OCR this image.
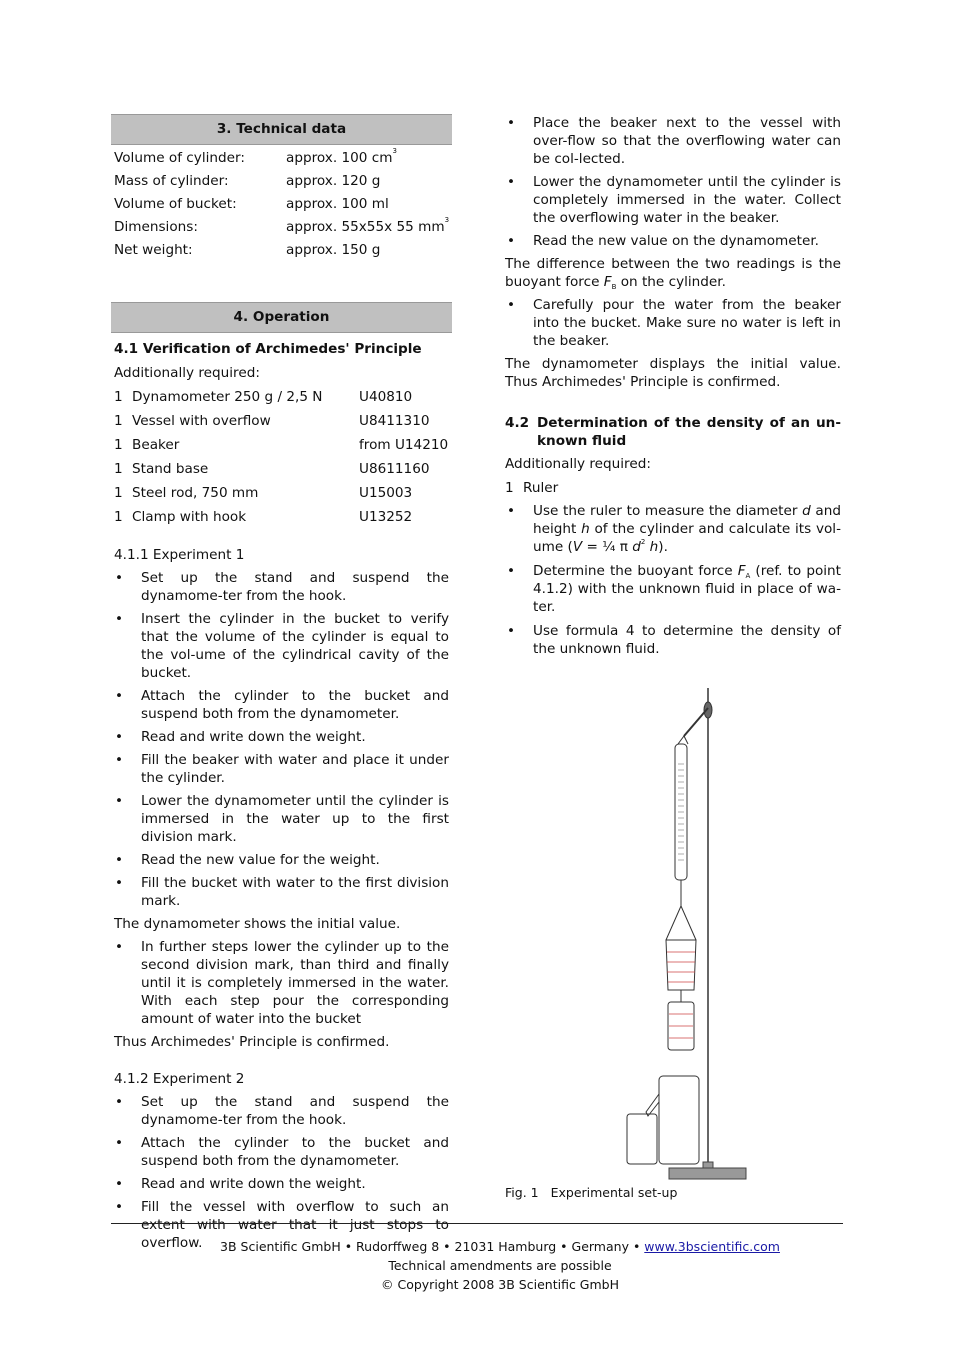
3. Technical data
Volume of cylinder:	approx. 100 $cm^3$
Mass of cylinder:	approx. 120 g
Volume of bucket:	approx. 100 ml
Dimensions:	approx. 55x55x 55 $mm^3$
Net weight:	approx. 150 g
4. Operation
4.1 Verification of Archimedes' Principle
Additionally required:
1 Dynamometer 250 g / 2,5 N	U40810
1 Vessel with overflow	U8411310
1 Beaker	from U14210
1 Stand base	U8611160
1 Steel rod, 750 mm	U15003
1 Clamp with hook	U13252
4.1.1 Experiment 1
• Set up the stand and suspend the dynamome-ter from the hook.
• Insert the cylinder in the bucket to verify that the volume of the cylinder is equal to the vol-ume of the cylindrical cavity of the bucket.
• Attach the cylinder to the bucket and suspend both from the dynamometer.
• Read and write down the weight.
• Fill the beaker with water and place it under the cylinder.
• Lower the dynamometer until the cylinder is immersed in the water up to the first division mark.
• Read the new value for the weight.
• Fill the bucket with water to the first division mark.
The dynamometer shows the initial value.
• In further steps lower the cylinder up to the second division mark, than third and finally until it is completely immersed in the water. With each step pour the corresponding amount of water into the bucket
Thus Archimedes' Principle is confirmed.
4.1.2 Experiment 2
• Set up the stand and suspend the dynamome-ter from the hook.
• Attach the cylinder to the bucket and suspend both from the dynamometer.
• Read and write down the weight.
• Fill the vessel with overflow to such an extent with water that it just stops to overflow.
• Place the beaker next to the vessel with over-flow so that the overflowing water can be col-lected.
• Lower the dynamometer until the cylinder is completely immersed in the water. Collect the overflowing water in the beaker.
• Read the new value on the dynamometer.
The difference between the two readings is the buoyant force $F_B$ on the cylinder.
• Carefully pour the water from the beaker into the bucket. Make sure no water is left in the beaker.
The dynamometer displays the initial value. Thus Archimedes' Principle is confirmed.
4.2 Determination of the density of an un-known fluid
Additionally required:
1 Ruler
• Use the ruler to measure the diameter d and height h of the cylinder and calculate its vol-ume (V = ¼ π $d^2$ h).
• Determine the buoyant force $F_A$ (ref. to point 4.1.2) with the unknown fluid in place of wa-ter.
• Use formula 4 to determine the density of the unknown fluid.
Fig. 1 Experimental set-up
3B Scientific GmbH • Rudorffweg 8 • 21031 Hamburg • Germany • www.3bscientific.com
Technical amendments are possible
© Copyright 2008 3B Scientific GmbH
